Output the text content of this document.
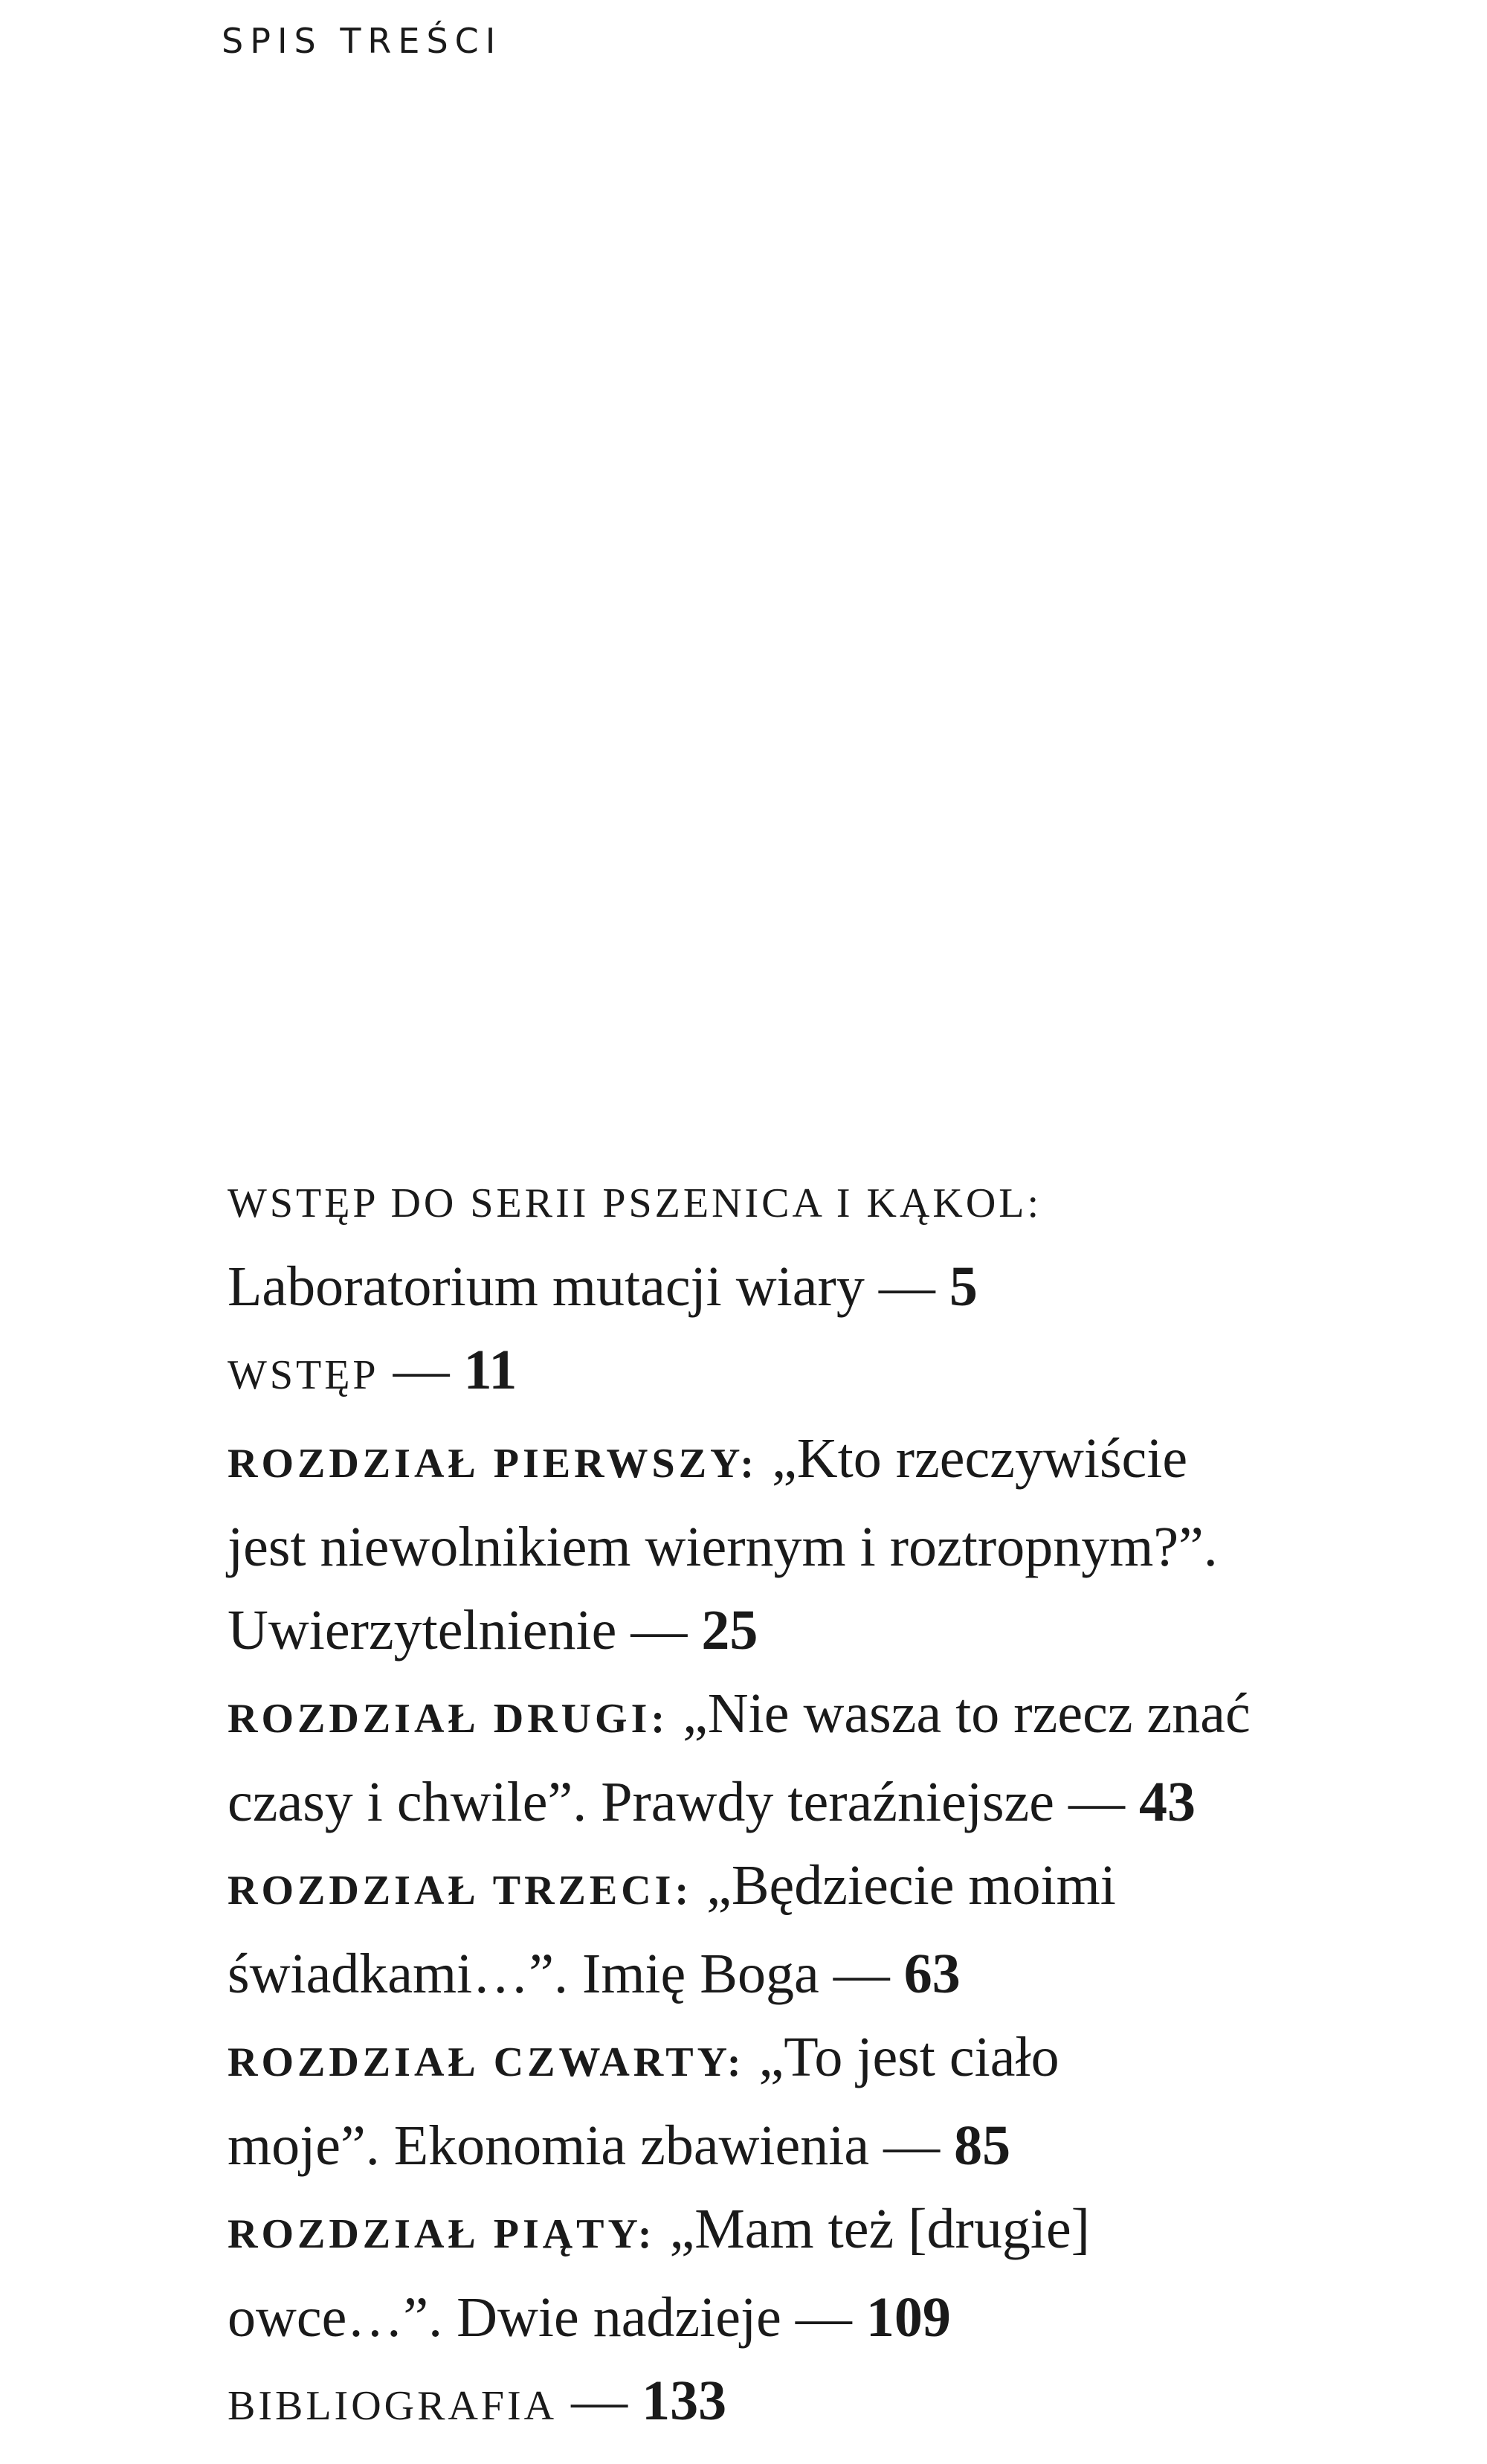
SPIS TREŚCI
WSTĘP DO SERII PSZENICA I KĄKOL:
Laboratorium mutacji wiary — 5
WSTĘP — 11
ROZDZIAŁ PIERWSZY: „Kto rzeczywiście
jest niewolnikiem wiernym i roztropnym?”.
Uwierzytelnienie — 25
ROZDZIAŁ DRUGI: „Nie wasza to rzecz znać
czasy i chwile”. Prawdy teraźniejsze — 43
ROZDZIAŁ TRZECI: „Będziecie moimi
świadkami…”. Imię Boga — 63
ROZDZIAŁ CZWARTY: „To jest ciało
moje”. Ekonomia zbawienia — 85
ROZDZIAŁ PIĄTY: „Mam też [drugie]
owce…”. Dwie nadzieje — 109
BIBLIOGRAFIA — 133
